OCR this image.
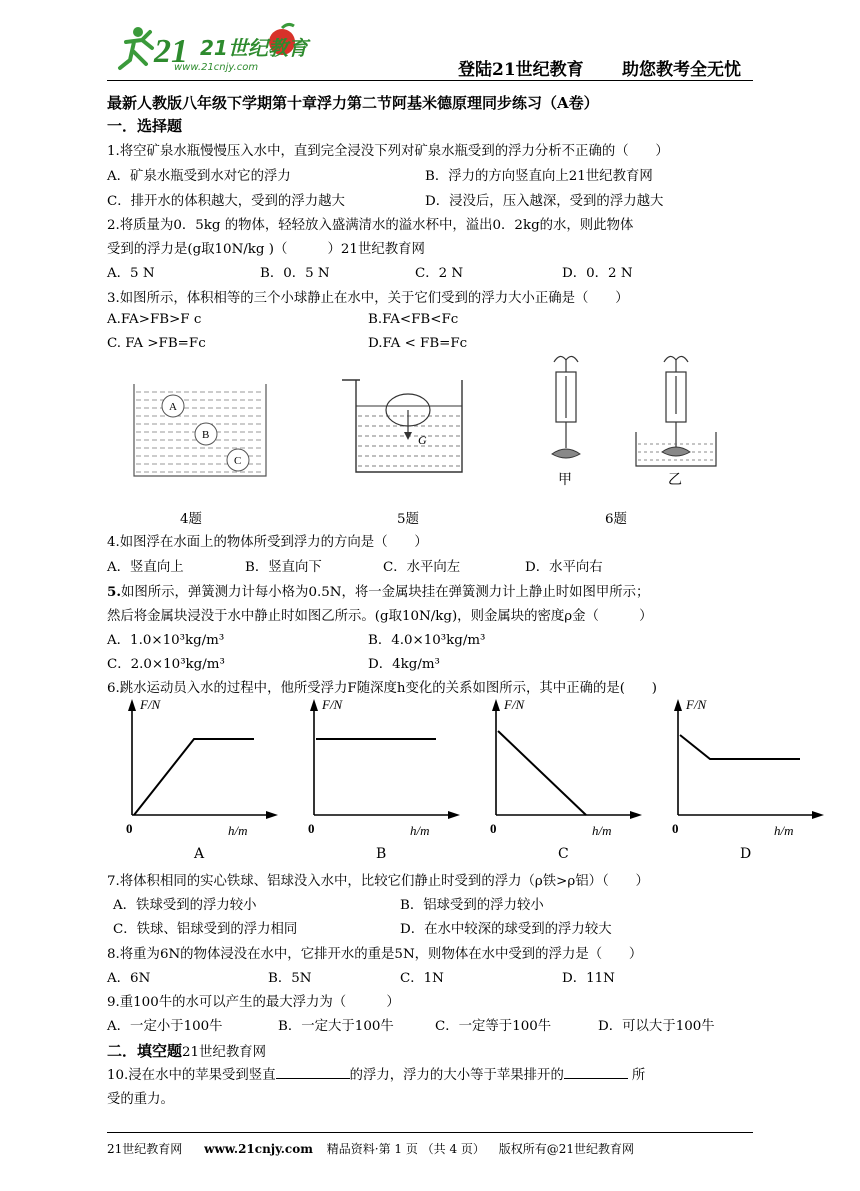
21 21世纪教育
www.21cnjy.com	登陆21世纪教育 助您教考全无忧
最新人教版八年级下学期第十章浮力第二节阿基米德原理同步练习（A卷）
一．选择题
1.将空矿泉水瓶慢慢压入水中，直到完全浸没下列对矿泉水瓶受到的浮力分析不正确的（　　）
A．矿泉水瓶受到水对它的浮力	B．浮力的方向竖直向上21世纪教育网
C．排开水的体积越大，受到的浮力越大	D．浸没后，压入越深，受到的浮力越大
2.将质量为0．5kg 的物体，轻轻放入盛满清水的溢水杯中，溢出0．2kg的水，则此物体
受到的浮力是(g取10N/kg )（　　　）21世纪教育网
A．5 N	B．0．5 N	C．2 N	D．0．2 N
3.如图所示，体积相等的三个小球静止在水中，关于它们受到的浮力大小正确是（　　）
A.FA>FB>F c	B.FA<FB<Fc
C. FA >FB=Fc	D.FA < FB=Fc
A
B
C
4题
G
5题
甲	乙
6题
4.如图浮在水面上的物体所受到浮力的方向是（　　）
A．竖直向上	B．竖直向下	C．水平向左	D．水平向右
5.如图所示，弹簧测力计每小格为0.5N，将一金属块挂在弹簧测力计上静止时如图甲所示；
然后将金属块浸没于水中静止时如图乙所示。(g取10N/kg)，则金属块的密度ρ金（　　　）
A．1.0×10³kg/m³	B．4.0×10³kg/m³
C．2.0×10³kg/m³	D．4kg/m³
6.跳水运动员入水的过程中，他所受浮力F随深度h变化的关系如图所示，其中正确的是(　　)
F/N
h/m
0
A
F/N
h/m
0
B
F/N
h/m
0
C
F/N
h/m
0
D
7.将体积相同的实心铁球、铝球没入水中，比较它们静止时受到的浮力（ρ铁>ρ铝）（　　）
A．铁球受到的浮力较小	B．铝球受到的浮力较小
C．铁球、铝球受到的浮力相同	D．在水中较深的球受到的浮力较大
8.将重为6N的物体浸没在水中，它排开水的重是5N，则物体在水中受到的浮力是（　　）
A．6N	B．5N	C．1N	D．11N
9.重100牛的水可以产生的最大浮力为（　　　）
A．一定小于100牛	B．一定大于100牛	C．一定等于100牛	D．可以大于100牛
二．填空题21世纪教育网
10.浸在水中的苹果受到竖直	的浮力，浮力的大小等于苹果排开的	所
受的重力。
21世纪教育网 www.21cnjy.com 精品资料·第 1 页 （共 4 页） 版权所有@21世纪教育网
